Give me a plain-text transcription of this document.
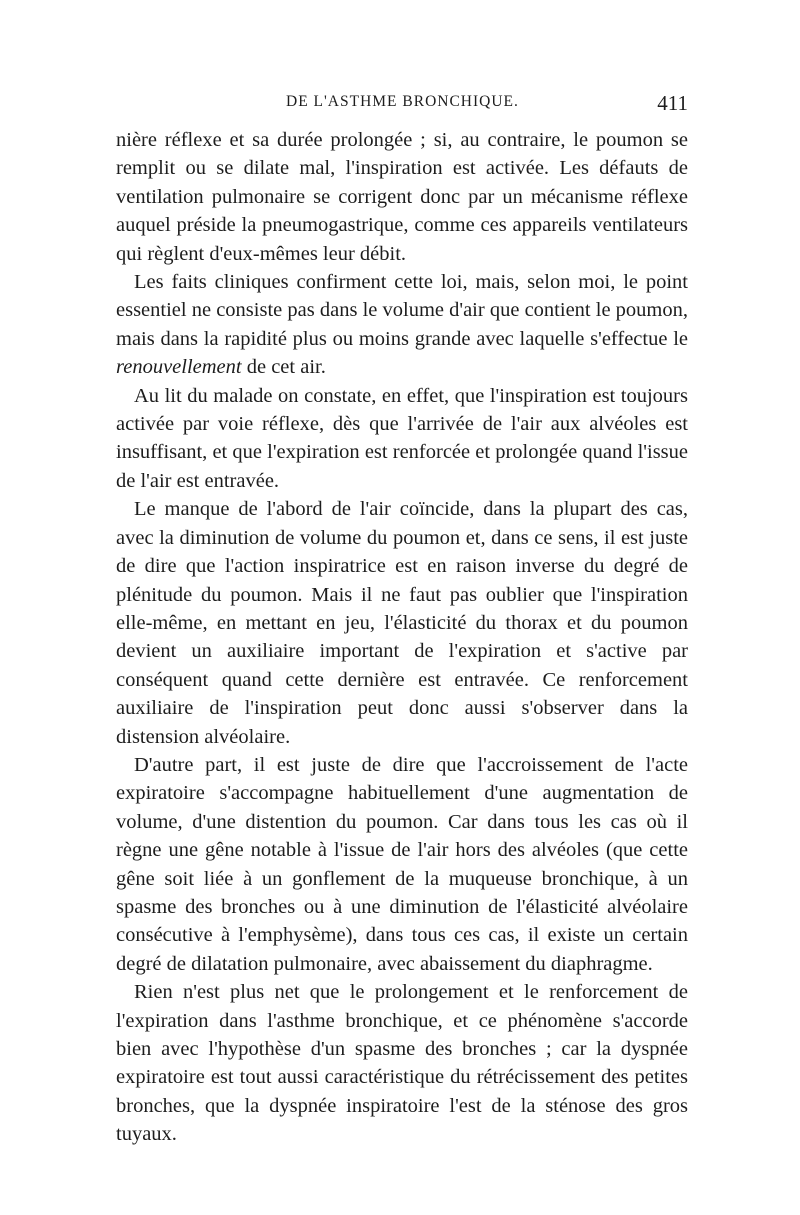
DE L'ASTHME BRONCHIQUE.	411

nière réflexe et sa durée prolongée ; si, au contraire, le poumon se remplit ou se dilate mal, l'inspiration est activée. Les défauts de ventilation pulmonaire se corrigent donc par un mécanisme réflexe auquel préside la pneumogastrique, comme ces appareils ventilateurs qui règlent d'eux-mêmes leur débit.

Les faits cliniques confirment cette loi, mais, selon moi, le point essentiel ne consiste pas dans le volume d'air que contient le poumon, mais dans la rapidité plus ou moins grande avec laquelle s'effectue le renouvellement de cet air.

Au lit du malade on constate, en effet, que l'inspiration est toujours activée par voie réflexe, dès que l'arrivée de l'air aux alvéoles est insuffisant, et que l'expiration est renforcée et prolongée quand l'issue de l'air est entravée.

Le manque de l'abord de l'air coïncide, dans la plupart des cas, avec la diminution de volume du poumon et, dans ce sens, il est juste de dire que l'action inspiratrice est en raison inverse du degré de plénitude du poumon. Mais il ne faut pas oublier que l'inspiration elle-même, en mettant en jeu, l'élasticité du thorax et du poumon devient un auxiliaire important de l'expiration et s'active par conséquent quand cette dernière est entravée. Ce renforcement auxiliaire de l'inspiration peut donc aussi s'observer dans la distension alvéolaire.

D'autre part, il est juste de dire que l'accroissement de l'acte expiratoire s'accompagne habituellement d'une augmentation de volume, d'une distention du poumon. Car dans tous les cas où il règne une gêne notable à l'issue de l'air hors des alvéoles (que cette gêne soit liée à un gonflement de la muqueuse bronchique, à un spasme des bronches ou à une diminution de l'élasticité alvéolaire consécutive à l'emphysème), dans tous ces cas, il existe un certain degré de dilatation pulmonaire, avec abaissement du diaphragme.

Rien n'est plus net que le prolongement et le renforcement de l'expiration dans l'asthme bronchique, et ce phénomène s'accorde bien avec l'hypothèse d'un spasme des bronches ; car la dyspnée expiratoire est tout aussi caractéristique du rétrécissement des petites bronches, que la dyspnée inspiratoire l'est de la sténose des gros tuyaux.
